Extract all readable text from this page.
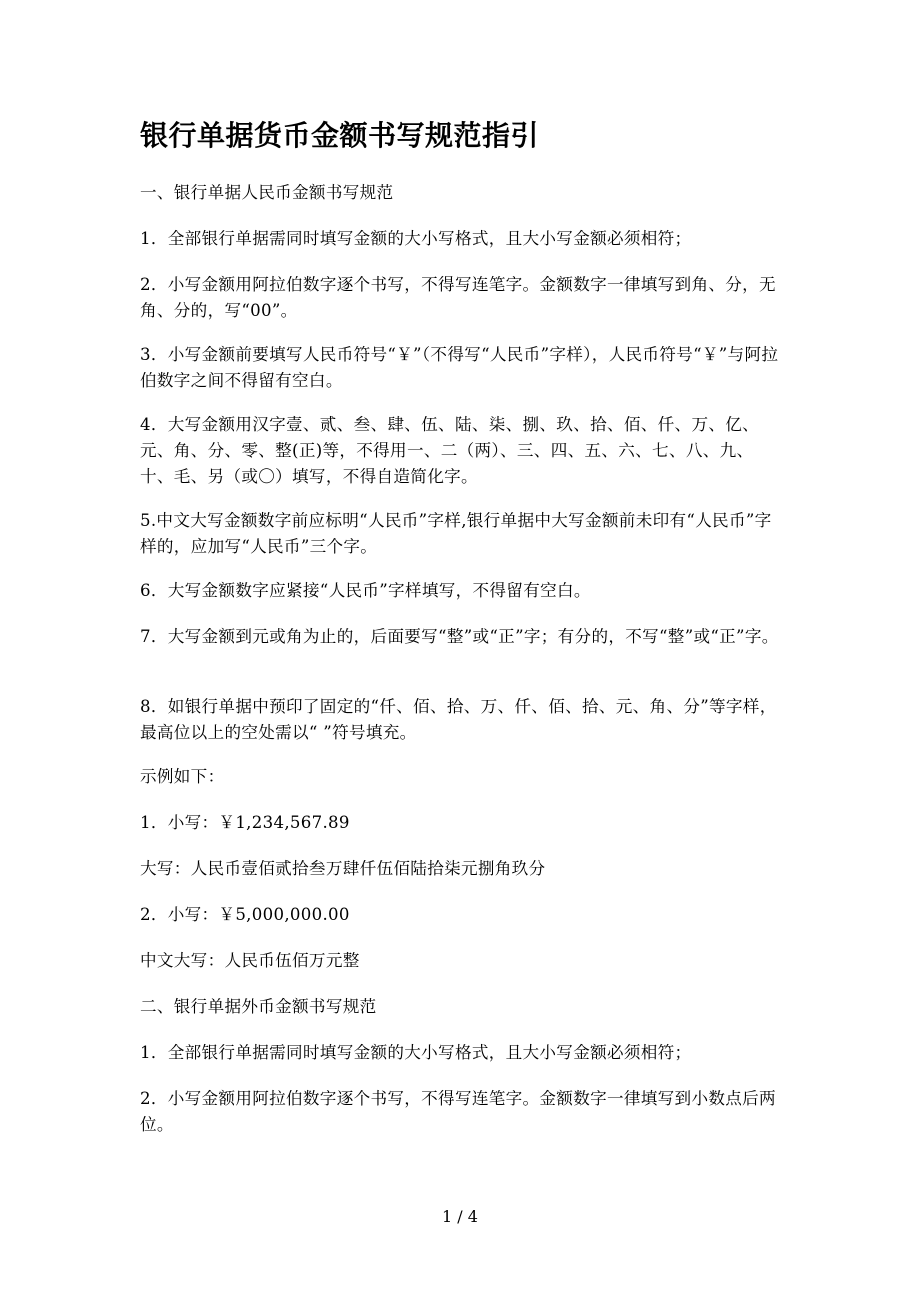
银行单据货币金额书写规范指引

一、银行单据人民币金额书写规范

1．全部银行单据需同时填写金额的大小写格式，且大小写金额必须相符；

2．小写金额用阿拉伯数字逐个书写，不得写连笔字。金额数字一律填写到角、分，无角、分的，写“00”。

3．小写金额前要填写人民币符号“￥”（不得写“人民币”字样），人民币符号“￥”与阿拉伯数字之间不得留有空白。

4．大写金额用汉字壹、贰、叁、肆、伍、陆、柒、捌、玖、拾、佰、仟、万、亿、元、角、分、零、整(正)等，不得用一、二（两）、三、四、五、六、七、八、九、十、毛、另（或〇）填写，不得自造简化字。

5.中文大写金额数字前应标明“人民币”字样,银行单据中大写金额前未印有“人民币”字样的，应加写“人民币”三个字。

6．大写金额数字应紧接“人民币”字样填写，不得留有空白。

7．大写金额到元或角为止的，后面要写“整”或“正”字；有分的，不写“整”或“正”字。

8．如银行单据中预印了固定的“仟、佰、拾、万、仟、佰、拾、元、角、分”等字样，最高位以上的空处需以“ ”符号填充。

示例如下：

1．小写：￥1,234,567.89

大写：人民币壹佰贰拾叁万肆仟伍佰陆拾柒元捌角玖分

2．小写：￥5,000,000.00

中文大写：人民币伍佰万元整

二、银行单据外币金额书写规范

1．全部银行单据需同时填写金额的大小写格式，且大小写金额必须相符；

2．小写金额用阿拉伯数字逐个书写，不得写连笔字。金额数字一律填写到小数点后两位。

1 / 4
